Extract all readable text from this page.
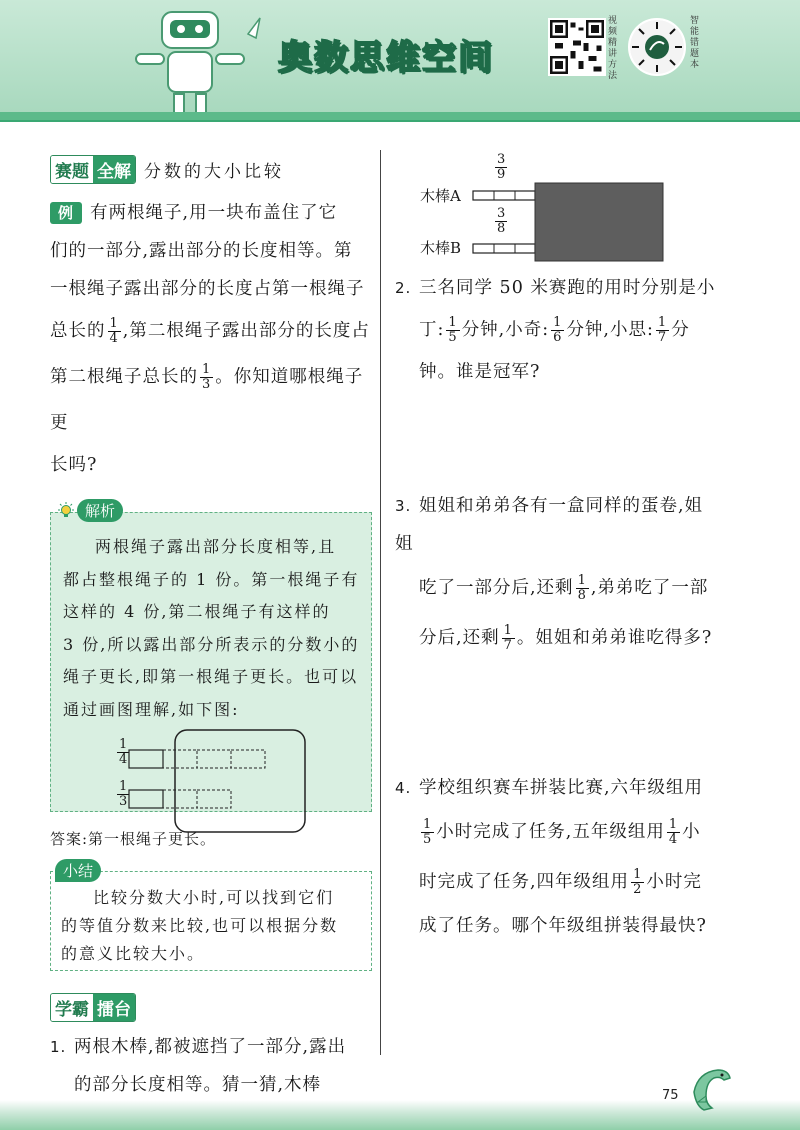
奥数思维空间
视频精讲方法
智能错题本
赛题 全解 分数的大小比较

例 有两根绳子,用一块布盖住了它

们的一部分,露出部分的长度相等。第

一根绳子露出部分的长度占第一根绳子

总长的 $\frac{1}{4}$ ,第二根绳子露出部分的长度占

第二根绳子总长的 $\frac{1}{3}$ 。你知道哪根绳子更

长吗?

解析

两根绳子露出部分长度相等,且

都占整根绳子的 1 份。第一根绳子有

这样的 4 份,第二根绳子有这样的

3 份,所以露出部分所表示的分数小的

绳子更长,即第一根绳子更长。也可以

通过画图理解,如下图:

$\frac{1}{4}$
$\frac{1}{3}$
答案:第一根绳子更长。
小结

比较分数大小时,可以找到它们

的等值分数来比较,也可以根据分数

的意义比较大小。

学霸 擂台

1. 两根木棒,都被遮挡了一部分,露出

的部分长度相等。猜一猜,木棒

木棒A
木棒B
$\frac{3}{9}$
$\frac{3}{8}$

2. 三名同学 50 米赛跑的用时分别是小

丁: $\frac{1}{5}$ 分钟,小奇: $\frac{1}{6}$ 分钟,小思: $\frac{1}{7}$ 分

钟。谁是冠军?

3. 姐姐和弟弟各有一盒同样的蛋卷,姐姐

吃了一部分后,还剩 $\frac{1}{8}$ ,弟弟吃了一部

分后,还剩 $\frac{1}{7}$ 。姐姐和弟弟谁吃得多?

4. 学校组织赛车拼装比赛,六年级组用

$\frac{1}{5}$ 小时完成了任务,五年级组用 $\frac{1}{4}$ 小

时完成了任务,四年级组用 $\frac{1}{2}$ 小时完

成了任务。哪个年级组拼装得最快?

75
